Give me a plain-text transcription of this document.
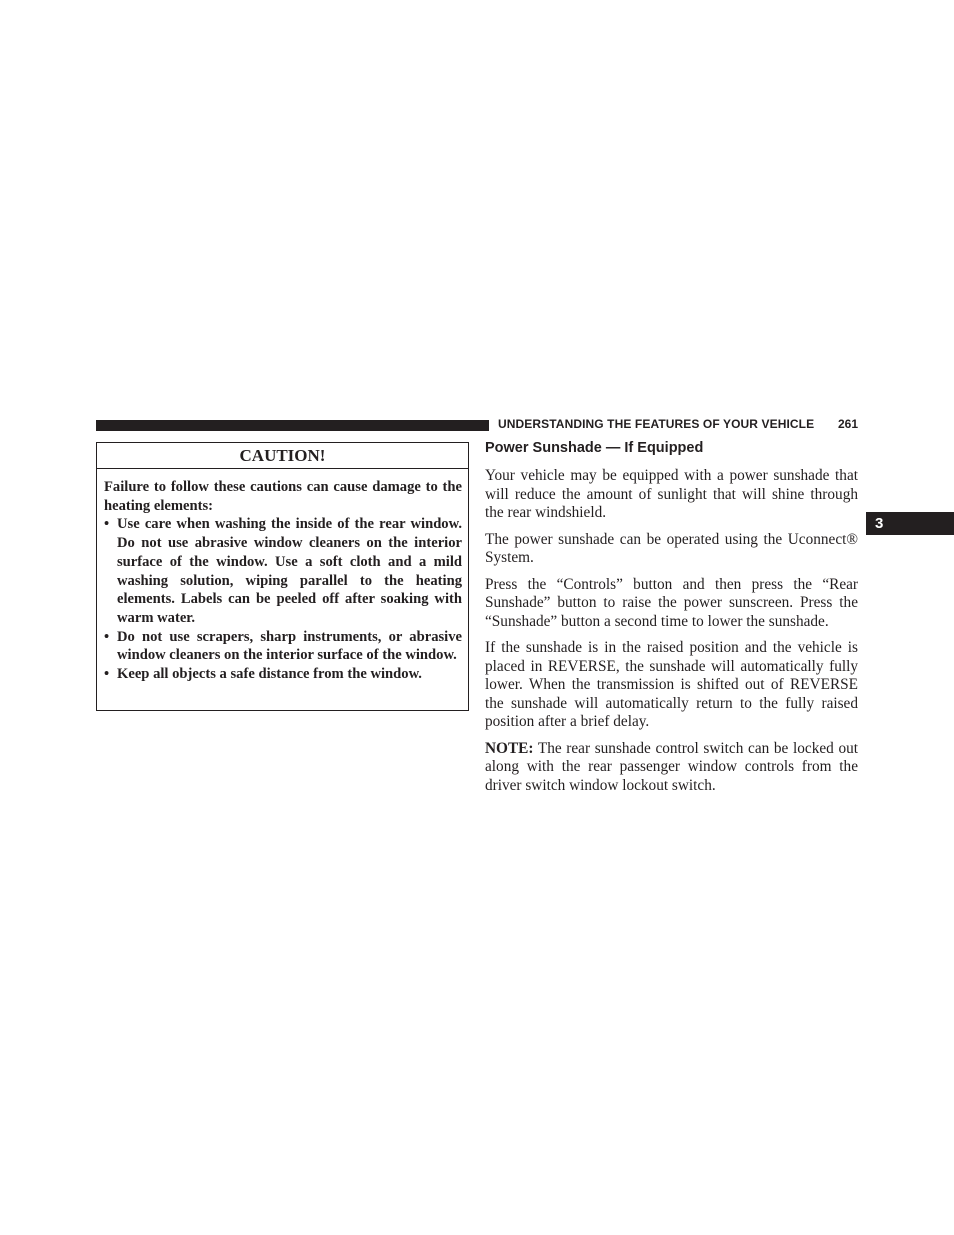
UNDERSTANDING THE FEATURES OF YOUR VEHICLE 261
3
CAUTION!

Failure to follow these cautions can cause damage to the heating elements:

• Use care when washing the inside of the rear window. Do not use abrasive window cleaners on the interior surface of the window. Use a soft cloth and a mild washing solution, wiping parallel to the heating elements. Labels can be peeled off after soaking with warm water.
• Do not use scrapers, sharp instruments, or abrasive window cleaners on the interior surface of the window.
• Keep all objects a safe distance from the window.
Power Sunshade — If Equipped

Your vehicle may be equipped with a power sunshade that will reduce the amount of sunlight that will shine through the rear windshield.

The power sunshade can be operated using the Uconnect® System.

Press the “Controls” button and then press the “Rear Sunshade” button to raise the power sunscreen. Press the “Sunshade” button a second time to lower the sunshade.

If the sunshade is in the raised position and the vehicle is placed in REVERSE, the sunshade will automatically fully lower. When the transmission is shifted out of REVERSE the sunshade will automatically return to the fully raised position after a brief delay.

NOTE: The rear sunshade control switch can be locked out along with the rear passenger window controls from the driver switch window lockout switch.
